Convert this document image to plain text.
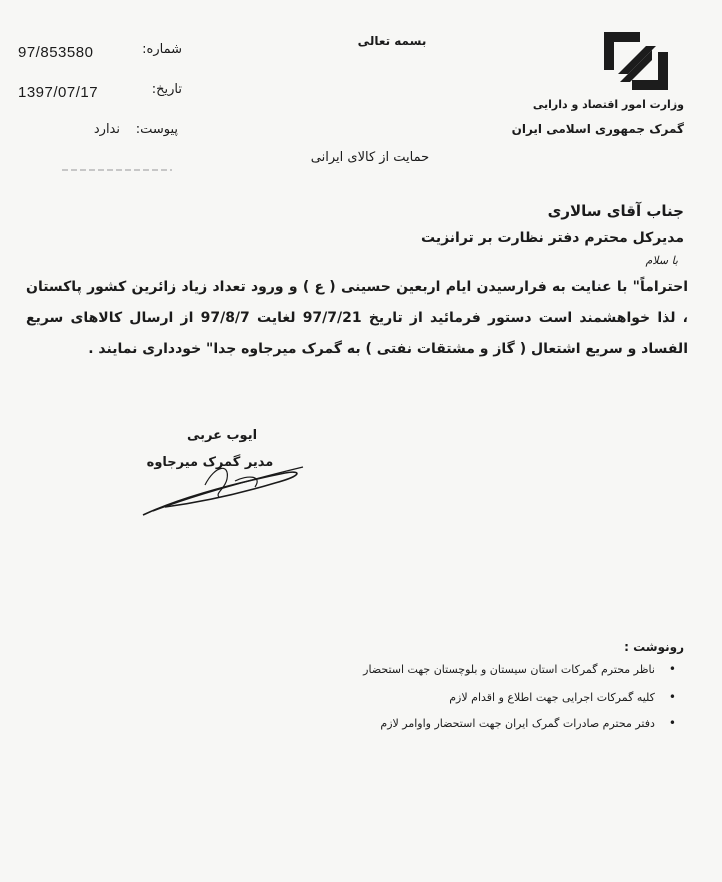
وزارت امور اقتصاد و دارایی
گمرک جمهوری اسلامی ایران
بسمه تعالی
حمایت از کالای ایرانی
شماره:
97/853580
تاریخ:
1397/07/17
پیوست:
ندارد
جناب آقای سالاری
مدیرکل محترم دفتر نظارت بر ترانزیت
با سلام
احتراماً" با عنایت به فرارسیدن ایام اربعین حسینی ( ع ) و ورود تعداد زیاد زائرین کشور پاکستان ، لذا خواهشمند است دستور فرمائید از تاریخ 97/7/21 لغایت 97/8/7 از ارسال کالاهای سریع الفساد و سریع اشتعال ( گاز و مشتقات نفتی ) به گمرک میرجاوه جدا" خودداری نمایند .
ایوب عربی
مدیر گمرک میرجاوه
رونوشت :
•
ناظر محترم گمرکات استان سیستان و بلوچستان جهت استحضار
•
کلیه گمرکات اجرایی جهت اطلاع و اقدام لازم
•
دفتر محترم صادرات گمرک ایران جهت استحضار واوامر لازم
